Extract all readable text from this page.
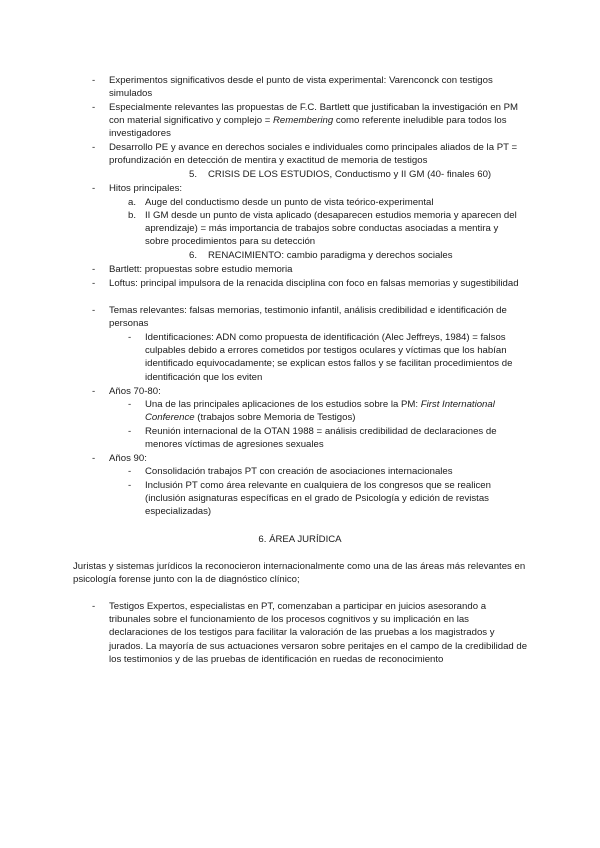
- Experimentos significativos desde el punto de vista experimental: Varenconck con testigos simulados
- Especialmente relevantes las propuestas de F.C. Bartlett que justificaban la investigación en PM con material significativo y complejo = Remembering como referente ineludible para todos los investigadores
- Desarrollo PE y avance en derechos sociales e individuales como principales aliados de la PT = profundización en detección de mentira y exactitud de memoria de testigos
5. CRISIS DE LOS ESTUDIOS, Conductismo y II GM (40- finales 60)
- Hitos principales:
a. Auge del conductismo desde un punto de vista teórico-experimental
b. II GM desde un punto de vista aplicado (desaparecen estudios memoria y aparecen del aprendizaje) = más importancia de trabajos sobre conductas asociadas a mentira y sobre procedimientos para su detección
6. RENACIMIENTO: cambio paradigma y derechos sociales
- Bartlett: propuestas sobre estudio memoria
- Loftus: principal impulsora de la renacida disciplina con foco en falsas memorias y sugestibilidad
- Temas relevantes: falsas memorias, testimonio infantil, análisis credibilidad e identificación de personas
- Identificaciones: ADN como propuesta de identificación (Alec Jeffreys, 1984) = falsos culpables debido a errores cometidos por testigos oculares y víctimas que los habían identificado equivocadamente; se explican estos fallos y se facilitan procedimientos de identificación que los eviten
- Años 70-80:
- Una de las principales aplicaciones de los estudios sobre la PM: First International Conference (trabajos sobre Memoria de Testigos)
- Reunión internacional de la OTAN 1988 = análisis credibilidad de declaraciones de menores víctimas de agresiones sexuales
- Años 90:
- Consolidación trabajos PT con creación de asociaciones internacionales
- Inclusión PT como área relevante en cualquiera de los congresos que se realicen (inclusión asignaturas específicas en el grado de Psicología y edición de revistas especializadas)
6. ÁREA JURÍDICA
Juristas y sistemas jurídicos la reconocieron internacionalmente como una de las áreas más relevantes en psicología forense junto con la de diagnóstico clínico;
- Testigos Expertos, especialistas en PT, comenzaban a participar en juicios asesorando a tribunales sobre el funcionamiento de los procesos cognitivos y su implicación en las declaraciones de los testigos para facilitar la valoración de las pruebas a los magistrados y jurados. La mayoría de sus actuaciones versaron sobre peritajes en el campo de la credibilidad de los testimonios y de las pruebas de identificación en ruedas de reconocimiento
